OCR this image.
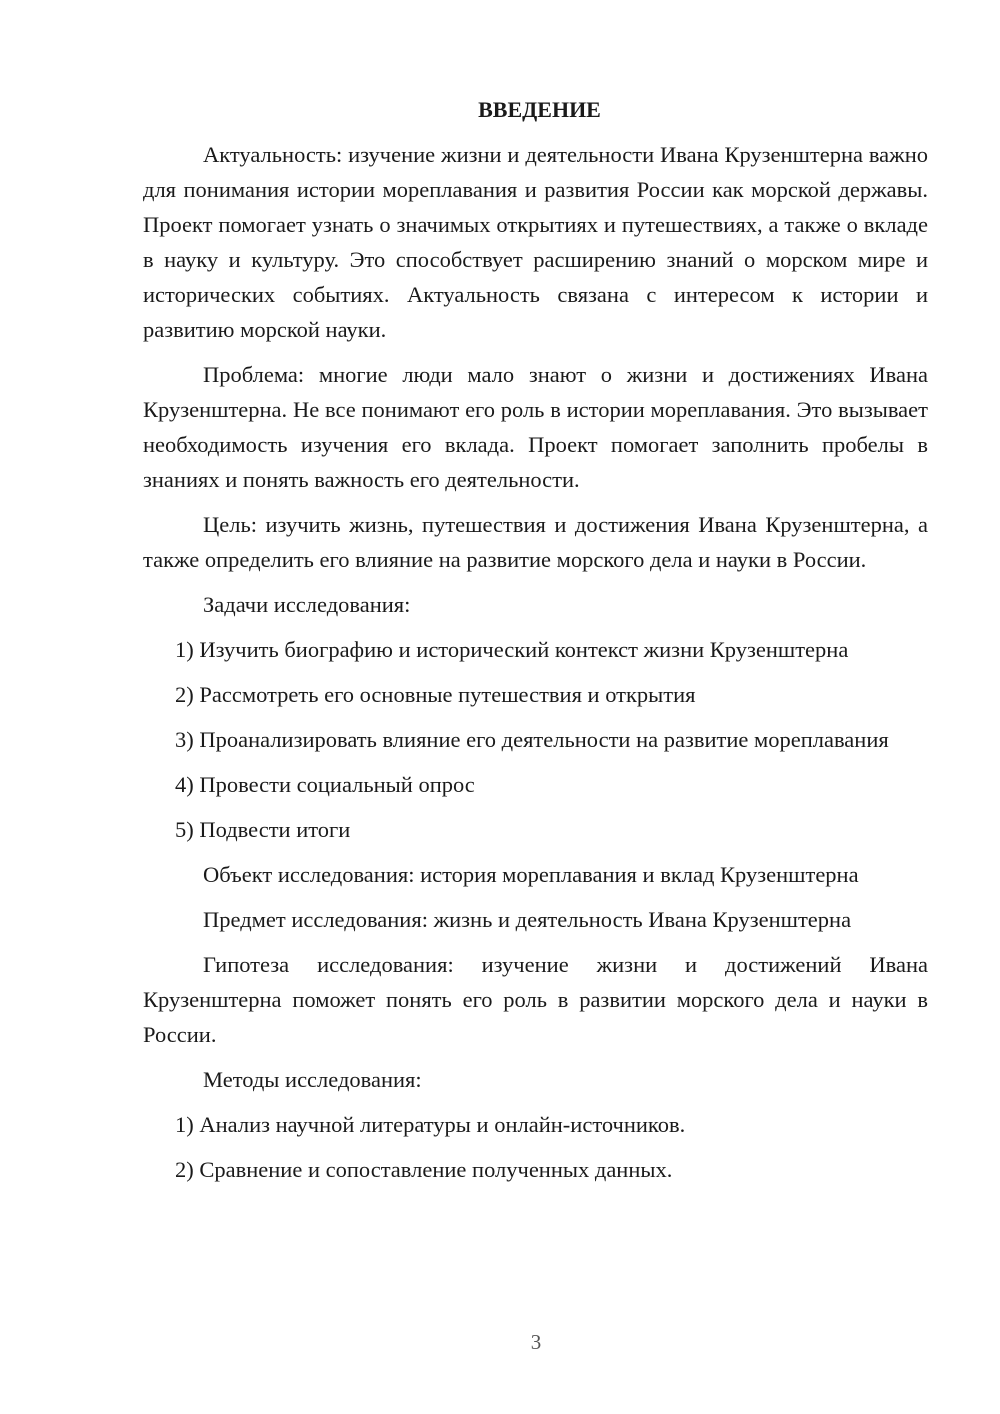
ВВЕДЕНИЕ

Актуальность: изучение жизни и деятельности Ивана Крузенштерна важно для понимания истории мореплавания и развития России как морской державы. Проект помогает узнать о значимых открытиях и путешествиях, а также о вкладе в науку и культуру. Это способствует расширению знаний о морском мире и исторических событиях. Актуальность связана с интересом к истории и развитию морской науки.

Проблема: многие люди мало знают о жизни и достижениях Ивана Крузенштерна. Не все понимают его роль в истории мореплавания. Это вызывает необходимость изучения его вклада. Проект помогает заполнить пробелы в знаниях и понять важность его деятельности.

Цель: изучить жизнь, путешествия и достижения Ивана Крузенштерна, а также определить его влияние на развитие морского дела и науки в России.

Задачи исследования:

1) Изучить биографию и исторический контекст жизни Крузенштерна

2) Рассмотреть его основные путешествия и открытия

3) Проанализировать влияние его деятельности на развитие мореплавания

4) Провести социальный опрос

5) Подвести итоги

Объект исследования: история мореплавания и вклад Крузенштерна

Предмет исследования: жизнь и деятельность Ивана Крузенштерна

Гипотеза исследования: изучение жизни и достижений Ивана Крузенштерна поможет понять его роль в развитии морского дела и науки в России.

Методы исследования:

1) Анализ научной литературы и онлайн-источников.

2) Сравнение и сопоставление полученных данных.

3
